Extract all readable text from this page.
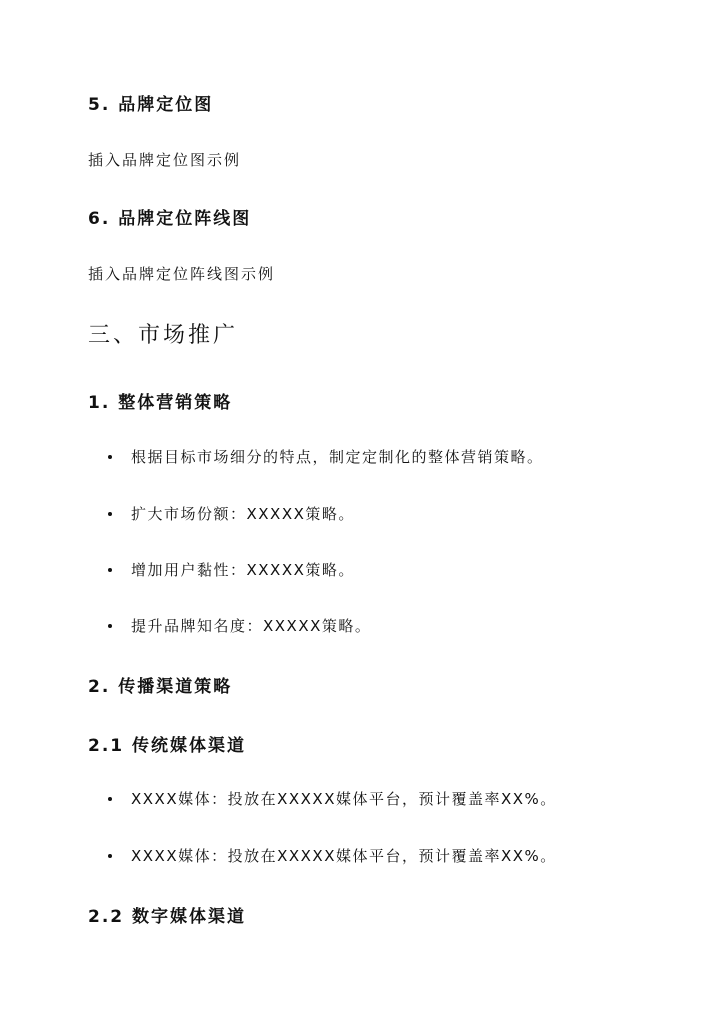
5. 品牌定位图
插入品牌定位图示例
6. 品牌定位阵线图
插入品牌定位阵线图示例
三、市场推广
1. 整体营销策略
根据目标市场细分的特点，制定定制化的整体营销策略。
扩大市场份额：XXXXX策略。
增加用户黏性：XXXXX策略。
提升品牌知名度：XXXXX策略。
2. 传播渠道策略
2.1 传统媒体渠道
XXXX媒体：投放在XXXXX媒体平台，预计覆盖率XX%。
XXXX媒体：投放在XXXXX媒体平台，预计覆盖率XX%。
2.2 数字媒体渠道
